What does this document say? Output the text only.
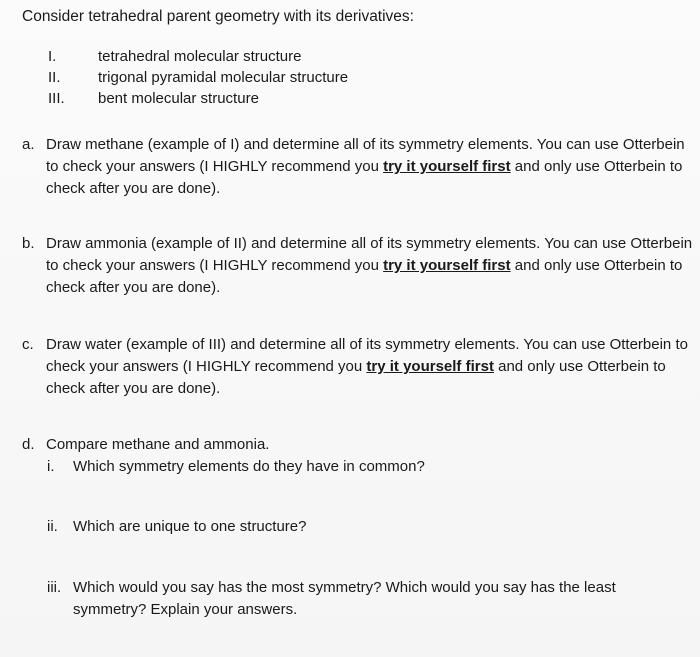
Consider tetrahedral parent geometry with its derivatives:
I.	tetrahedral molecular structure
II.	trigonal pyramidal molecular structure
III.	bent molecular structure
a. Draw methane (example of I) and determine all of its symmetry elements. You can use Otterbein to check your answers (I HIGHLY recommend you try it yourself first and only use Otterbein to check after you are done).
b. Draw ammonia (example of II) and determine all of its symmetry elements. You can use Otterbein to check your answers (I HIGHLY recommend you try it yourself first and only use Otterbein to check after you are done).
c. Draw water (example of III) and determine all of its symmetry elements. You can use Otterbein to check your answers (I HIGHLY recommend you try it yourself first and only use Otterbein to check after you are done).
d. Compare methane and ammonia.
i. Which symmetry elements do they have in common?
ii. Which are unique to one structure?
iii. Which would you say has the most symmetry? Which would you say has the least symmetry? Explain your answers.
